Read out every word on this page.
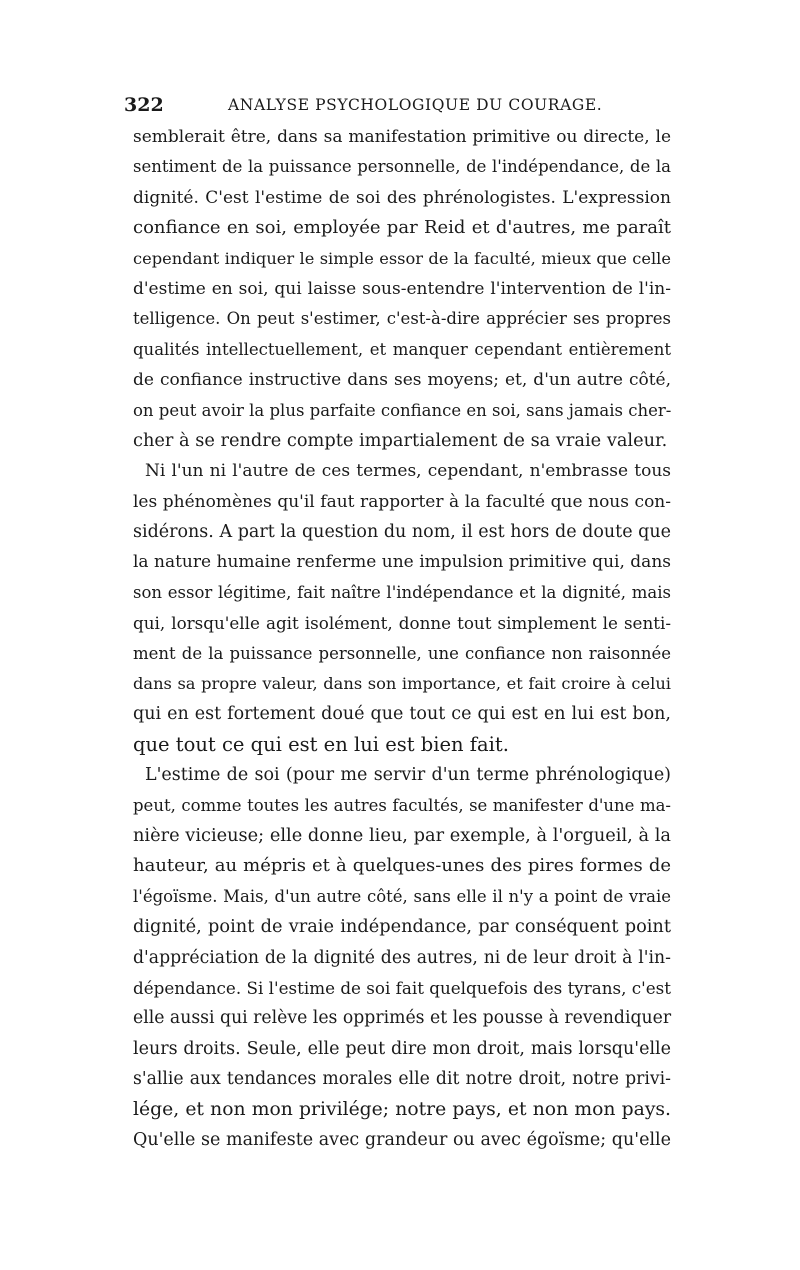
322	ANALYSE PSYCHOLOGIQUE DU COURAGE.
semblerait être, dans sa manifestation primitive ou directe, le
sentiment de la puissance personnelle, de l'indépendance, de la
dignité. C'est l'estime de soi des phrénologistes. L'expression
confiance en soi, employée par Reid et d'autres, me paraît
cependant indiquer le simple essor de la faculté, mieux que celle
d'estime en soi, qui laisse sous-entendre l'intervention de l'in-
telligence. On peut s'estimer, c'est-à-dire apprécier ses propres
qualités intellectuellement, et manquer cependant entièrement
de confiance instructive dans ses moyens; et, d'un autre côté,
on peut avoir la plus parfaite confiance en soi, sans jamais cher-
cher à se rendre compte impartialement de sa vraie valeur.
Ni l'un ni l'autre de ces termes, cependant, n'embrasse tous
les phénomènes qu'il faut rapporter à la faculté que nous con-
sidérons. A part la question du nom, il est hors de doute que
la nature humaine renferme une impulsion primitive qui, dans
son essor légitime, fait naître l'indépendance et la dignité, mais
qui, lorsqu'elle agit isolément, donne tout simplement le senti-
ment de la puissance personnelle, une confiance non raisonnée
dans sa propre valeur, dans son importance, et fait croire à celui
qui en est fortement doué que tout ce qui est en lui est bon,
que tout ce qui est en lui est bien fait.
L'estime de soi (pour me servir d'un terme phrénologique)
peut, comme toutes les autres facultés, se manifester d'une ma-
nière vicieuse; elle donne lieu, par exemple, à l'orgueil, à la
hauteur, au mépris et à quelques-unes des pires formes de
l'égoïsme. Mais, d'un autre côté, sans elle il n'y a point de vraie
dignité, point de vraie indépendance, par conséquent point
d'appréciation de la dignité des autres, ni de leur droit à l'in-
dépendance. Si l'estime de soi fait quelquefois des tyrans, c'est
elle aussi qui relève les opprimés et les pousse à revendiquer
leurs droits. Seule, elle peut dire mon droit, mais lorsqu'elle
s'allie aux tendances morales elle dit notre droit, notre privi-
lége, et non mon privilége; notre pays, et non mon pays.
Qu'elle se manifeste avec grandeur ou avec égoïsme; qu'elle
